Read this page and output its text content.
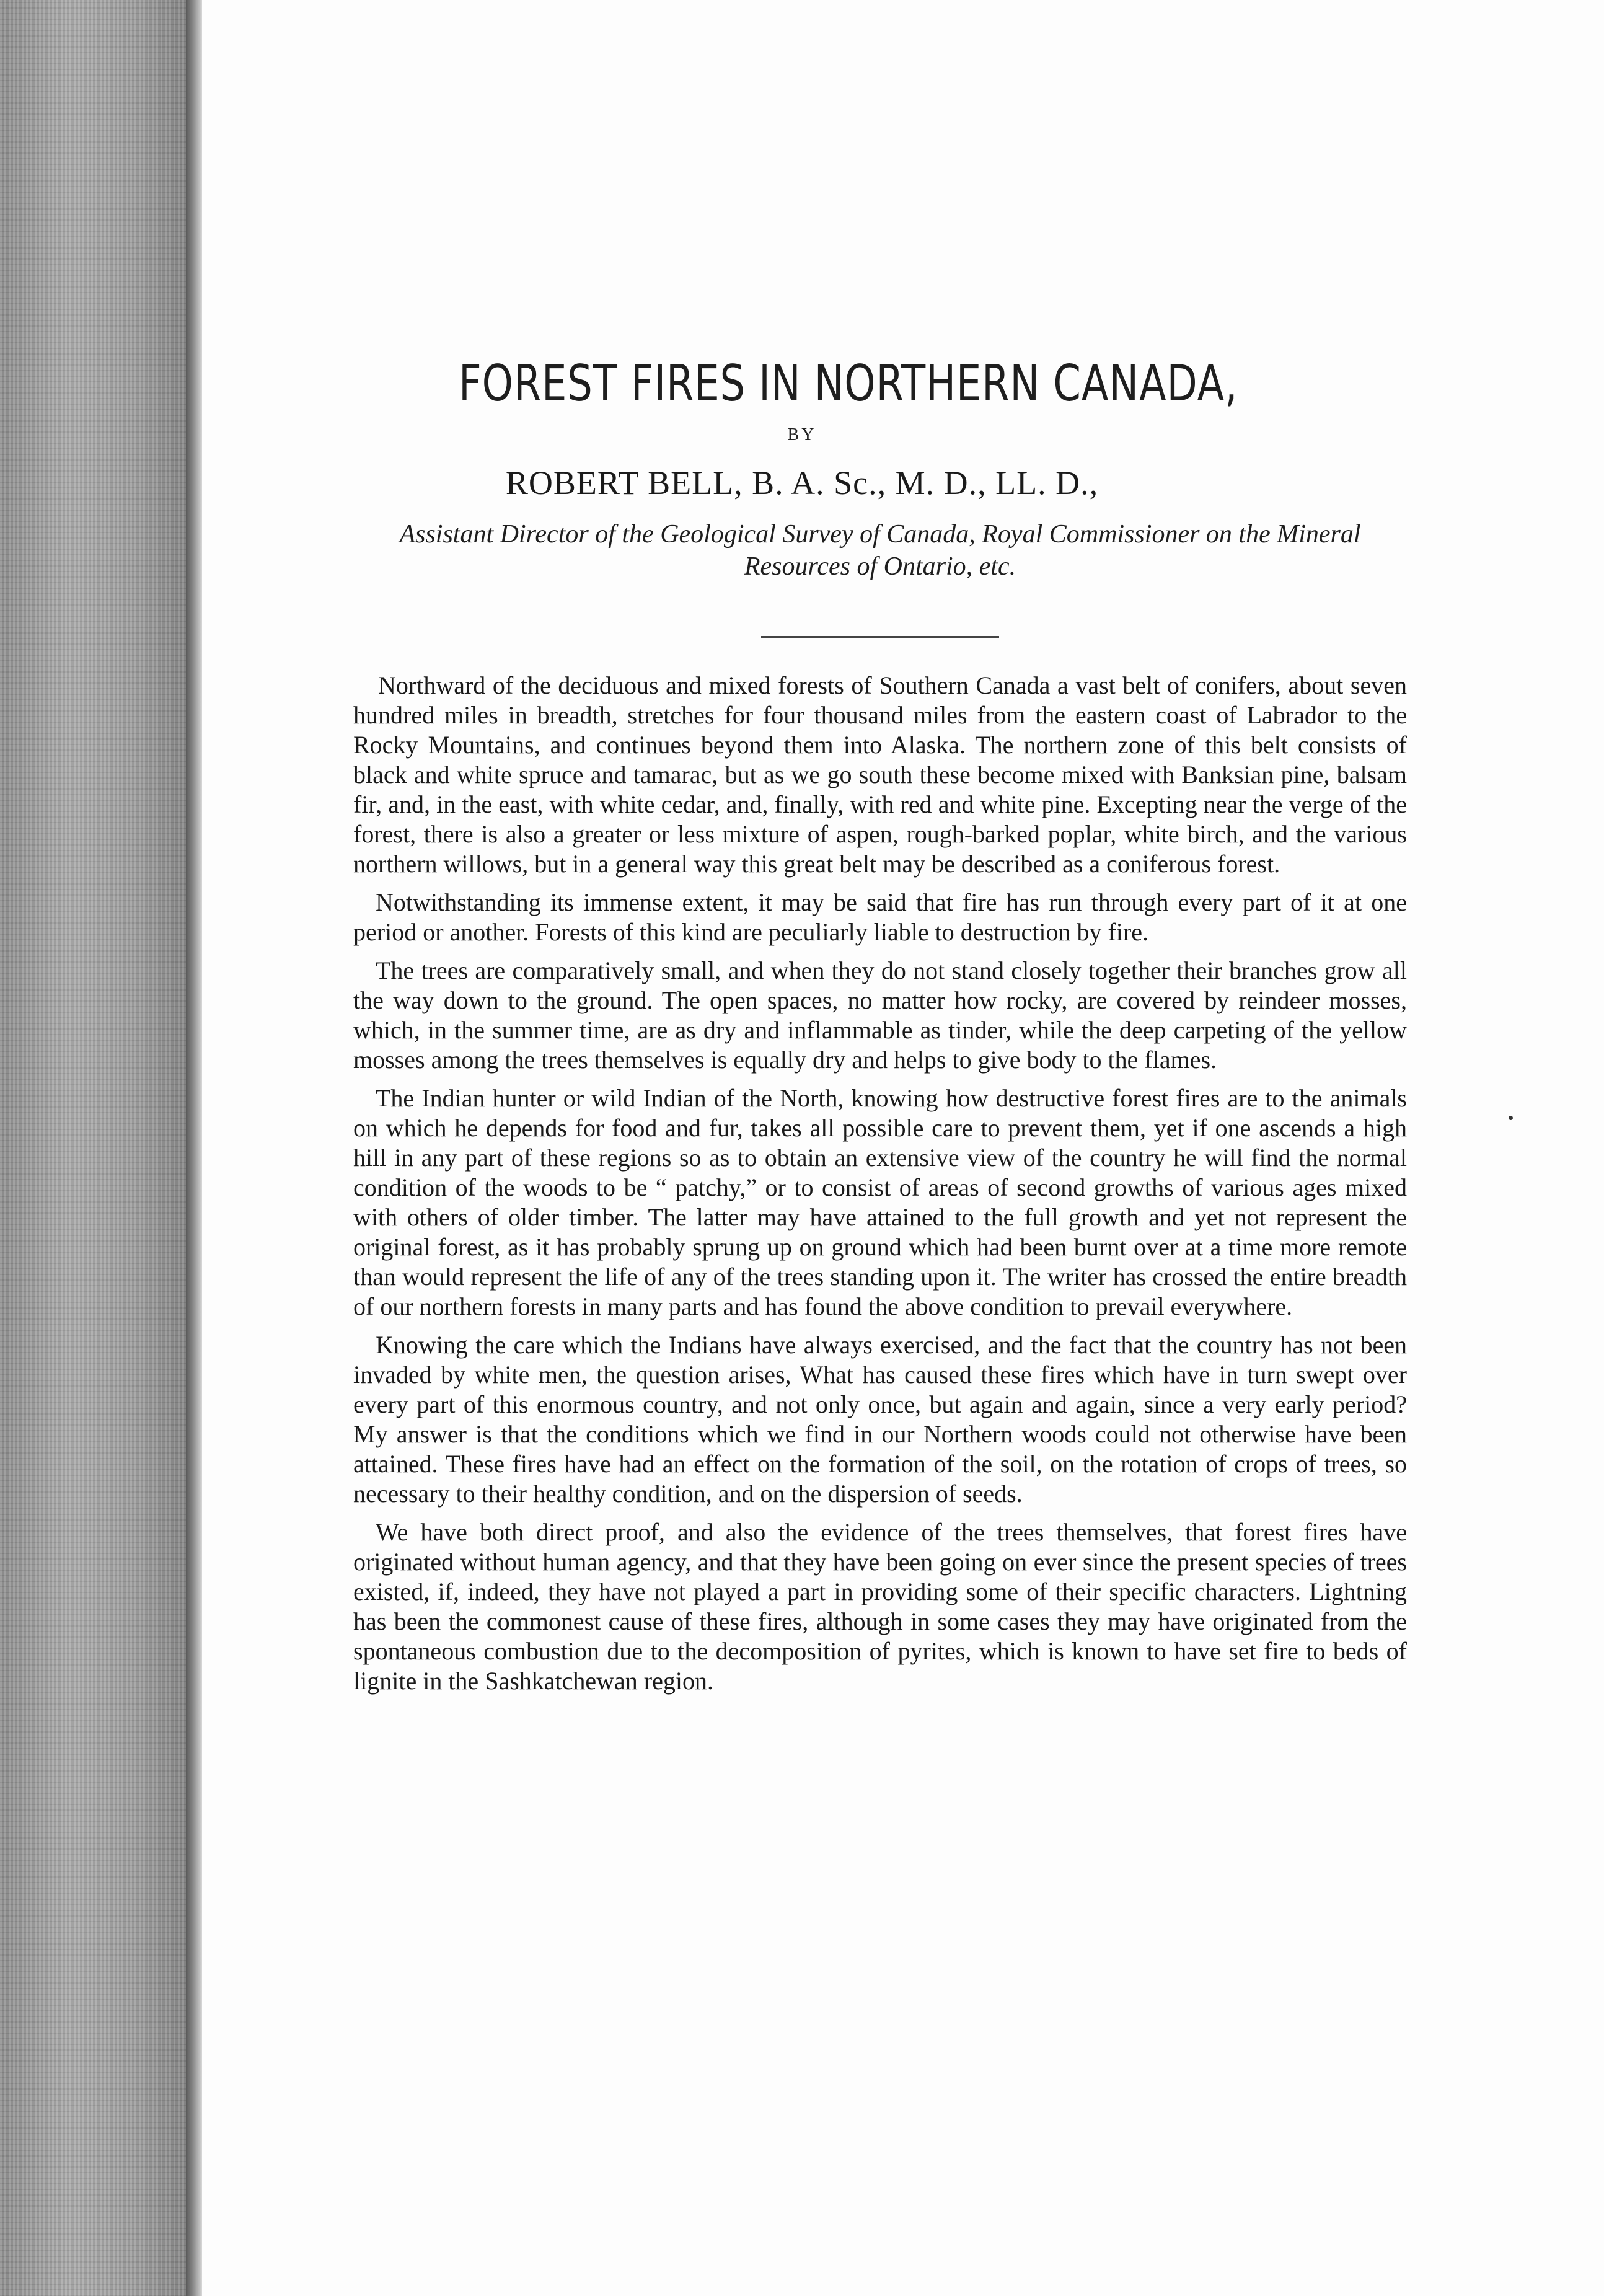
FOREST FIRES IN NORTHERN CANADA,
BY
ROBERT BELL, B. A. Sc., M. D., LL. D.,
Assistant Director of the Geological Survey of Canada, Royal Commissioner on the Mineral Resources of Ontario, etc.

Northward of the deciduous and mixed forests of Southern Canada a vast belt of conifers, about seven hundred miles in breadth, stretches for four thousand miles from the eastern coast of Labrador to the Rocky Mountains, and continues beyond them into Alaska. The northern zone of this belt consists of black and white spruce and tamarac, but as we go south these become mixed with Banksian pine, balsam fir, and, in the east, with white cedar, and, finally, with red and white pine. Excepting near the verge of the forest, there is also a greater or less mixture of aspen, rough-barked poplar, white birch, and the various northern willows, but in a general way this great belt may be described as a coniferous forest.

Notwithstanding its immense extent, it may be said that fire has run through every part of it at one period or another. Forests of this kind are peculiarly liable to destruction by fire.

The trees are comparatively small, and when they do not stand closely together their branches grow all the way down to the ground. The open spaces, no matter how rocky, are covered by reindeer mosses, which, in the summer time, are as dry and inflammable as tinder, while the deep carpeting of the yellow mosses among the trees themselves is equally dry and helps to give body to the flames.

The Indian hunter or wild Indian of the North, knowing how destructive forest fires are to the animals on which he depends for food and fur, takes all possible care to prevent them, yet if one ascends a high hill in any part of these regions so as to obtain an extensive view of the country he will find the normal condition of the woods to be “ patchy,” or to consist of areas of second growths of various ages mixed with others of older timber. The latter may have attained to the full growth and yet not represent the original forest, as it has probably sprung up on ground which had been burnt over at a time more remote than would represent the life of any of the trees standing upon it. The writer has crossed the entire breadth of our northern forests in many parts and has found the above condition to prevail everywhere.

Knowing the care which the Indians have always exercised, and the fact that the country has not been invaded by white men, the question arises, What has caused these fires which have in turn swept over every part of this enormous country, and not only once, but again and again, since a very early period? My answer is that the conditions which we find in our Northern woods could not otherwise have been attained. These fires have had an effect on the formation of the soil, on the rotation of crops of trees, so necessary to their healthy condition, and on the dispersion of seeds.

We have both direct proof, and also the evidence of the trees themselves, that forest fires have originated without human agency, and that they have been going on ever since the present species of trees existed, if, indeed, they have not played a part in providing some of their specific characters. Lightning has been the commonest cause of these fires, although in some cases they may have originated from the spontaneous combustion due to the decomposition of pyrites, which is known to have set fire to beds of lignite in the Sashkatchewan region.
